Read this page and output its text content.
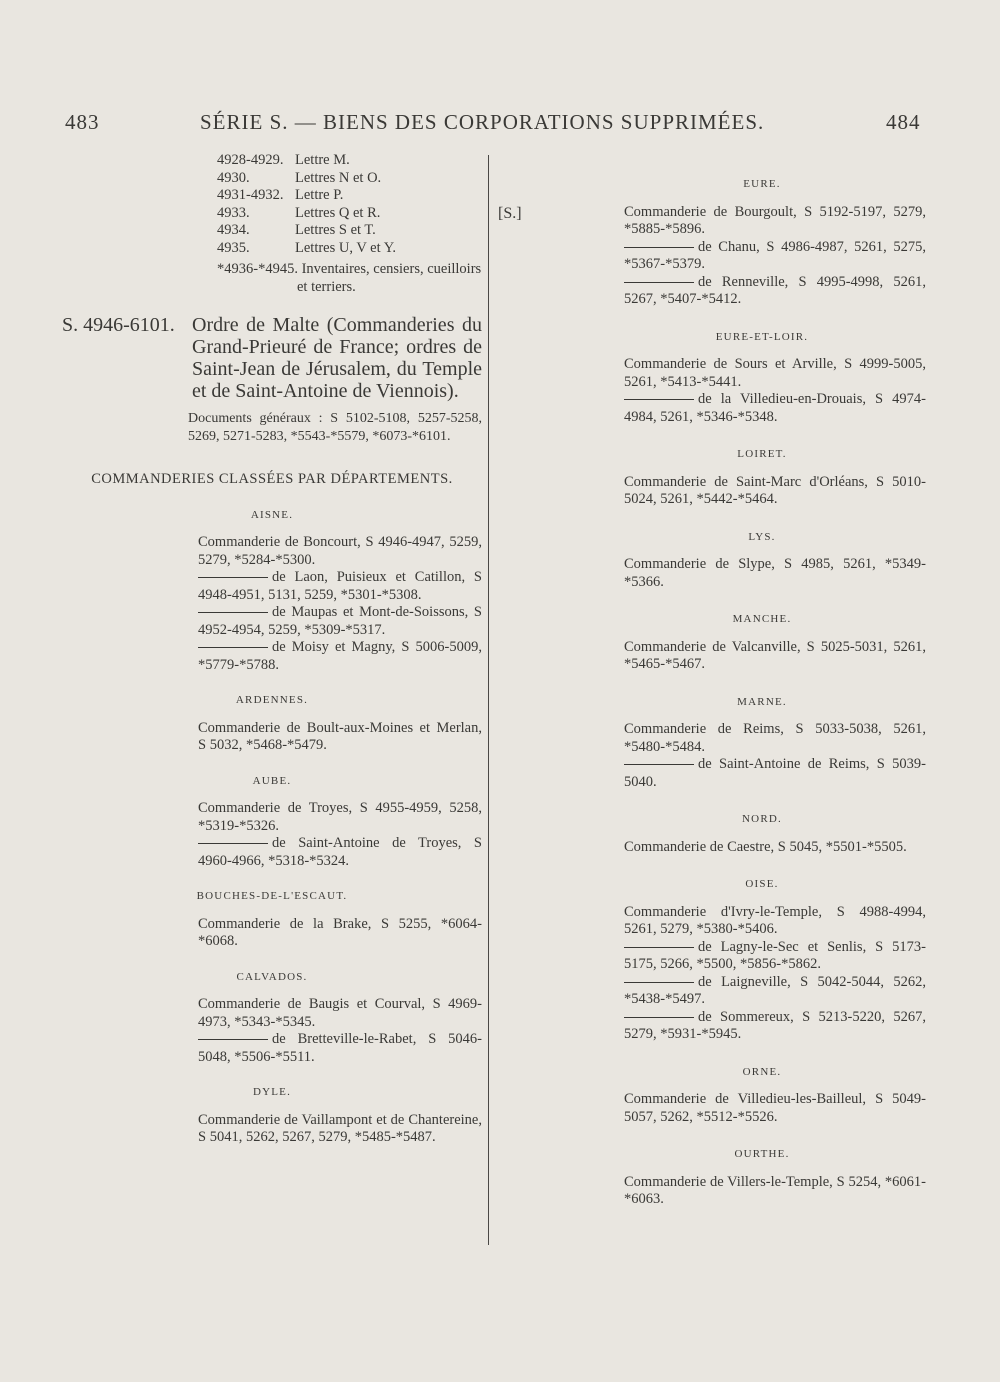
483	SÉRIE S. — BIENS DES CORPORATIONS SUPPRIMÉES.	484
4928-4929. Lettre M.
4930.	Lettres N et O.
4931-4932. Lettre P.
4933.	Lettres Q et R.
4934.	Lettres S et T.
4935.	Lettres U, V et Y.
*4936-*4945. Inventaires, censiers, cueilloirs et terriers.
S. 4946-6101. Ordre de Malte (Commanderies du Grand-Prieuré de France; ordres de Saint-Jean de Jérusalem, du Temple et de Saint-Antoine de Viennois).
Documents généraux : S 5102-5108, 5257-5258, 5269, 5271-5283, *5543-*5579, *6073-*6101.
COMMANDERIES CLASSÉES PAR DÉPARTEMENTS.
AISNE.
Commanderie de Boncourt, S 4946-4947, 5259, 5279, *5284-*5300.
de Laon, Puisieux et Catillon, S 4948-4951, 5131, 5259, *5301-*5308.
de Maupas et Mont-de-Soissons, S 4952-4954, 5259, *5309-*5317.
de Moisy et Magny, S 5006-5009, *5779-*5788.
ARDENNES.
Commanderie de Boult-aux-Moines et Merlan, S 5032, *5468-*5479.
AUBE.
Commanderie de Troyes, S 4955-4959, 5258, *5319-*5326.
de Saint-Antoine de Troyes, S 4960-4966, *5318-*5324.
BOUCHES-DE-L'ESCAUT.
Commanderie de la Brake, S 5255, *6064-*6068.
CALVADOS.
Commanderie de Baugis et Courval, S 4969-4973, *5343-*5345.
de Bretteville-le-Rabet, S 5046-5048, *5506-*5511.
DYLE.
Commanderie de Vaillampont et de Chantereine, S 5041, 5262, 5267, 5279, *5485-*5487.
[S.]
EURE.
Commanderie de Bourgoult, S 5192-5197, 5279, *5885-*5896.
de Chanu, S 4986-4987, 5261, 5275, *5367-*5379.
de Renneville, S 4995-4998, 5261, 5267, *5407-*5412.
EURE-ET-LOIR.
Commanderie de Sours et Arville, S 4999-5005, 5261, *5413-*5441.
de la Villedieu-en-Drouais, S 4974-4984, 5261, *5346-*5348.
LOIRET.
Commanderie de Saint-Marc d'Orléans, S 5010-5024, 5261, *5442-*5464.
LYS.
Commanderie de Slype, S 4985, 5261, *5349-*5366.
MANCHE.
Commanderie de Valcanville, S 5025-5031, 5261, *5465-*5467.
MARNE.
Commanderie de Reims, S 5033-5038, 5261, *5480-*5484.
de Saint-Antoine de Reims, S 5039-5040.
NORD.
Commanderie de Caestre, S 5045, *5501-*5505.
OISE.
Commanderie d'Ivry-le-Temple, S 4988-4994, 5261, 5279, *5380-*5406.
de Lagny-le-Sec et Senlis, S 5173-5175, 5266, *5500, *5856-*5862.
de Laigneville, S 5042-5044, 5262, *5438-*5497.
de Sommereux, S 5213-5220, 5267, 5279, *5931-*5945.
ORNE.
Commanderie de Villedieu-les-Bailleul, S 5049-5057, 5262, *5512-*5526.
OURTHE.
Commanderie de Villers-le-Temple, S 5254, *6061-*6063.
